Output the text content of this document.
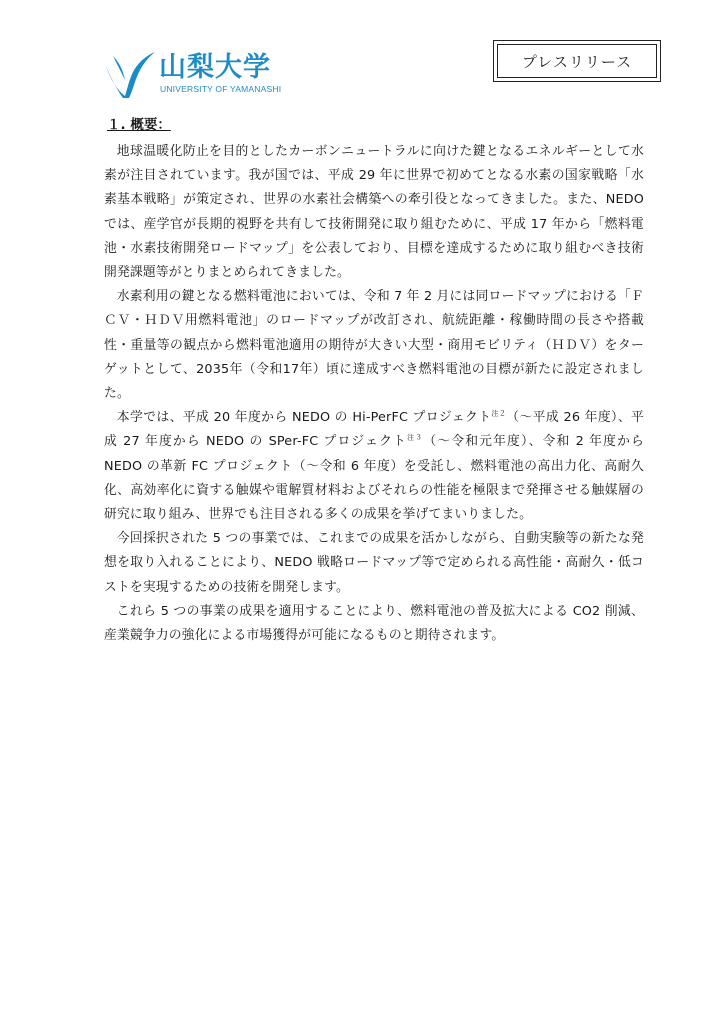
山梨大学
UNIVERSITY OF YAMANASHI
プレスリリース
１. 概要：

地球温暖化防止を目的としたカーボンニュートラルに向けた鍵となるエネルギーとして水素が注目されています。我が国では、平成 29 年に世界で初めてとなる水素の国家戦略「水素基本戦略」が策定され、世界の水素社会構築への牽引役となってきました。また、NEDO では、産学官が長期的視野を共有して技術開発に取り組むために、平成 17 年から「燃料電池・水素技術開発ロードマップ」を公表しており、目標を達成するために取り組むべき技術開発課題等がとりまとめられてきました。

水素利用の鍵となる燃料電池においては、令和 7 年 2 月には同ロードマップにおける「ＦＣＶ・ＨＤＶ用燃料電池」のロードマップが改訂され、航続距離・稼働時間の長さや搭載性・重量等の観点から燃料電池適用の期待が大きい大型・商用モビリティ（ＨＤＶ）をターゲットとして、2035年（令和17年）頃に達成すべき燃料電池の目標が新たに設定されました。

本学では、平成 20 年度から NEDO の Hi-PerFC プロジェクト$^{注2}$（～平成 26 年度）、平成 27 年度から NEDO の SPer-FC プロジェクト$^{注3}$（～令和元年度）、令和 2 年度から NEDO の革新 FC プロジェクト（～令和 6 年度）を受託し、燃料電池の高出力化、高耐久化、高効率化に資する触媒や電解質材料およびそれらの性能を極限まで発揮させる触媒層の研究に取り組み、世界でも注目される多くの成果を挙げてまいりました。

今回採択された 5 つの事業では、これまでの成果を活かしながら、自動実験等の新たな発想を取り入れることにより、NEDO 戦略ロードマップ等で定められる高性能・高耐久・低コストを実現するための技術を開発します。

これら 5 つの事業の成果を適用することにより、燃料電池の普及拡大による CO2 削減、産業競争力の強化による市場獲得が可能になるものと期待されます。
